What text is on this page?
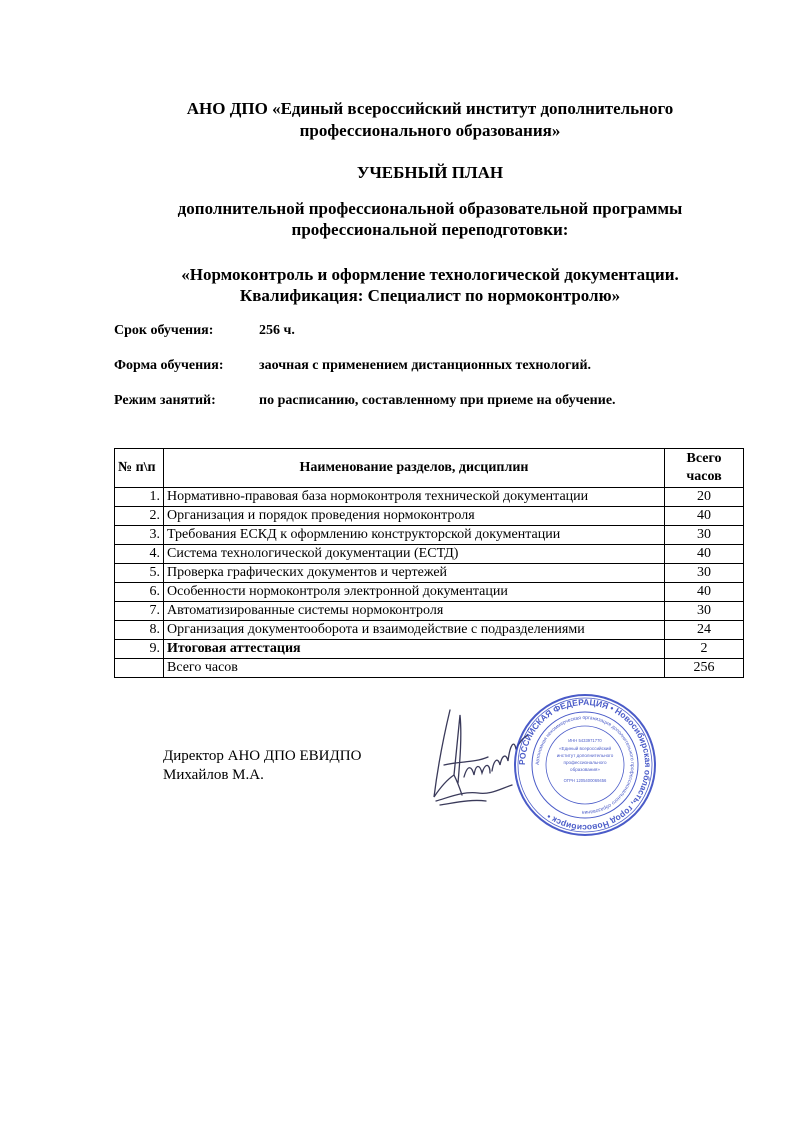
АНО ДПО «Единый всероссийский институт дополнительного
профессионального образования»
УЧЕБНЫЙ ПЛАН
дополнительной профессиональной образовательной программы
профессиональной переподготовки:
«Нормоконтроль и оформление технологической документации.
Квалификация: Специалист по нормоконтролю»
Срок обучения:	256 ч.
Форма обучения:	заочная с применением дистанционных технологий.
Режим занятий:	по расписанию, составленному при приеме на обучение.
№ п\п	Наименование разделов, дисциплин	Всего
часов

1.	Нормативно-правовая база нормоконтроля технической документации	20
2.	Организация и порядок проведения нормоконтроля	40
3.	Требования ЕСКД к оформлению конструкторской документации	30
4.	Система технологической документации (ЕСТД)	40
5.	Проверка графических документов и чертежей	30
6.	Особенности нормоконтроля электронной документации	40
7.	Автоматизированные системы нормоконтроля	30
8.	Организация документооборота и взаимодействие с подразделениями	24
9.	Итоговая аттестация	2
	Всего часов	256
Директор АНО ДПО ЕВИДПО
Михайлов М.А.
РОССИЙСКАЯ ФЕДЕРАЦИЯ • Новосибирская область, город Новосибирск •
Автономная некоммерческая организация дополнительного профессионального образования
«Единый всероссийский
институт дополнительного
профессионального
образования»
ИНН 5433971770
ОГРН 1205400069456
